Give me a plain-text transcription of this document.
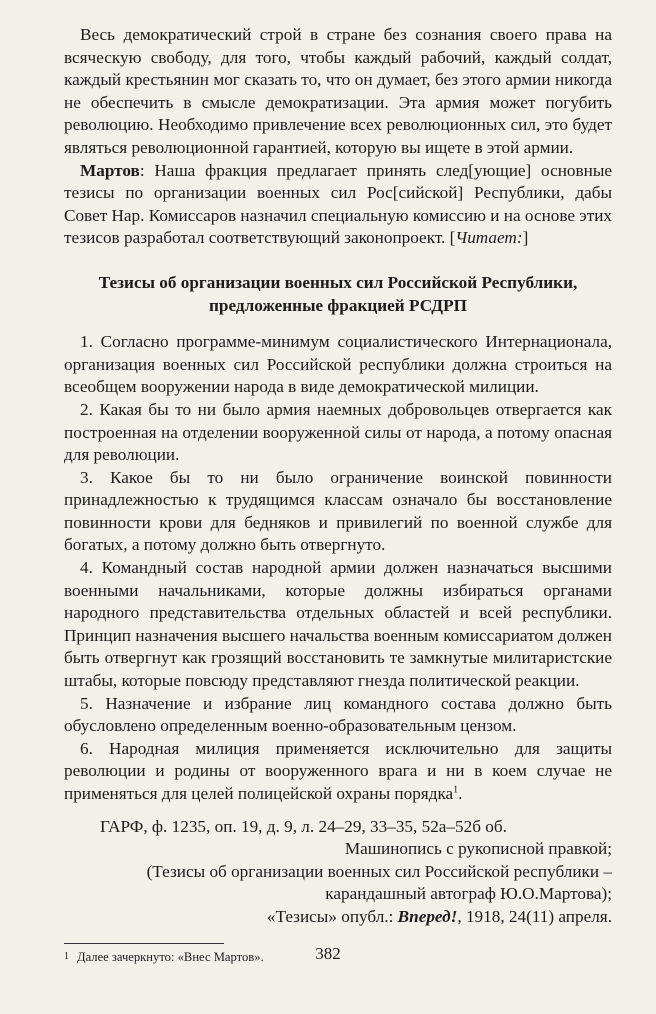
Весь демократический строй в стране без сознания своего права на всяческую свободу, для того, чтобы каждый рабочий, каждый солдат, каждый крестьянин мог сказать то, что он думает, без этого армии никогда не обеспечить в смысле демократизации. Эта армия может погубить революцию. Необходимо привлечение всех революционных сил, это будет являться революционной гарантией, которую вы ищете в этой армии.

Мартов: Наша фракция предлагает принять след[ующие] основные тезисы по организации военных сил Рос[сийской] Республики, дабы Совет Нар. Комиссаров назначил специальную комиссию и на основе этих тезисов разработал соответствующий законопроект. [Читает:]

Тезисы об организации военных сил Российской Республики,
предложенные фракцией РСДРП

1. Согласно программе-минимум социалистического Интернационала, организация военных сил Российской республики должна строиться на всеобщем вооружении народа в виде демократической милиции.

2. Какая бы то ни было армия наемных добровольцев отвергается как построенная на отделении вооруженной силы от народа, а потому опасная для революции.

3. Какое бы то ни было ограничение воинской повинности принадлежностью к трудящимся классам означало бы восстановление повинности крови для бедняков и привилегий по военной службе для богатых, а потому должно быть отвергнуто.

4. Командный состав народной армии должен назначаться высшими военными начальниками, которые должны избираться органами народного представительства отдельных областей и всей республики. Принцип назначения высшего начальства военным комиссариатом должен быть отвергнут как грозящий восстановить те замкнутые милитаристские штабы, которые повсюду представляют гнезда политической реакции.

5. Назначение и избрание лиц командного состава должно быть обусловлено определенным военно-образовательным цензом.

6. Народная милиция применяется исключительно для защиты революции и родины от вооруженного врага и ни в коем случае не применяться для целей полицейской охраны порядка$^1$.

ГАРФ, ф. 1235, оп. 19, д. 9, л. 24–29, 33–35, 52а–52б об.
Машинопись с рукописной правкой;
(Тезисы об организации военных сил Российской республики –
карандашный автограф Ю.О.Мартова);
«Тезисы» опубл.: Вперед!, 1918, 24(11) апреля.
1 Далее зачеркнуто: «Внес Мартов».	382
